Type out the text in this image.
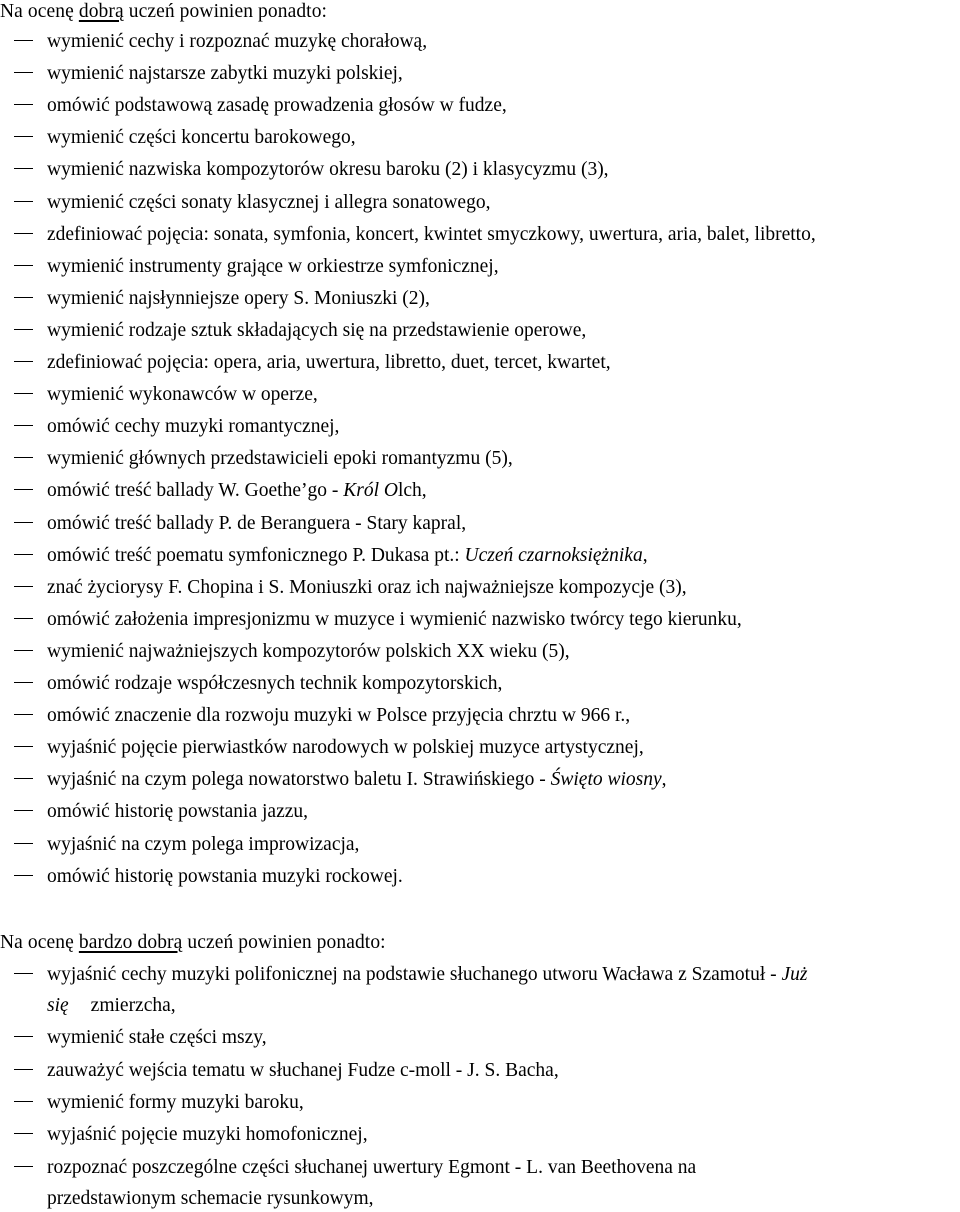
Na ocenę dobrą uczeń powinien ponadto:
wymienić cechy i rozpoznać muzykę chorałową,
wymienić najstarsze zabytki muzyki polskiej,
omówić podstawową zasadę prowadzenia głosów w fudze,
wymienić części koncertu barokowego,
wymienić nazwiska kompozytorów okresu baroku (2) i klasycyzmu (3),
wymienić części sonaty klasycznej i allegra sonatowego,
zdefiniować pojęcia: sonata, symfonia, koncert, kwintet smyczkowy, uwertura, aria, balet, libretto,
wymienić instrumenty grające w orkiestrze symfonicznej,
wymienić najsłynniejsze opery S. Moniuszki (2),
wymienić rodzaje sztuk składających się na przedstawienie operowe,
zdefiniować pojęcia: opera, aria, uwertura, libretto, duet, tercet, kwartet,
wymienić wykonawców w operze,
omówić cechy muzyki romantycznej,
wymienić głównych przedstawicieli epoki romantyzmu (5),
omówić treść ballady W. Goethe’go - Król Olch,
omówić treść ballady P. de Beranguera - Stary kapral,
omówić treść poematu symfonicznego P. Dukasa pt.: Uczeń czarnoksiężnika,
znać życiorysy F. Chopina i S. Moniuszki oraz ich najważniejsze kompozycje (3),
omówić założenia impresjonizmu w muzyce i wymienić nazwisko twórcy tego kierunku,
wymienić najważniejszych kompozytorów polskich XX wieku (5),
omówić rodzaje współczesnych technik kompozytorskich,
omówić znaczenie dla rozwoju muzyki w Polsce przyjęcia chrztu w 966 r.,
wyjaśnić pojęcie pierwiastków narodowych w polskiej muzyce artystycznej,
wyjaśnić na czym polega nowatorstwo baletu I. Strawińskiego - Święto wiosny,
omówić historię powstania jazzu,
wyjaśnić na czym polega improwizacja,
omówić historię powstania muzyki rockowej.
Na ocenę bardzo dobrą uczeń powinien ponadto:
wyjaśnić cechy muzyki polifonicznej na podstawie słuchanego utworu Wacława z Szamotuł - Już
się zmierzcha,
wymienić stałe części mszy,
zauważyć wejścia tematu w słuchanej Fudze c-moll - J. S. Bacha,
wymienić formy muzyki baroku,
wyjaśnić pojęcie muzyki homofonicznej,
rozpoznać poszczególne części słuchanej uwertury Egmont - L. van Beethovena na
przedstawionym schemacie rysunkowym,
